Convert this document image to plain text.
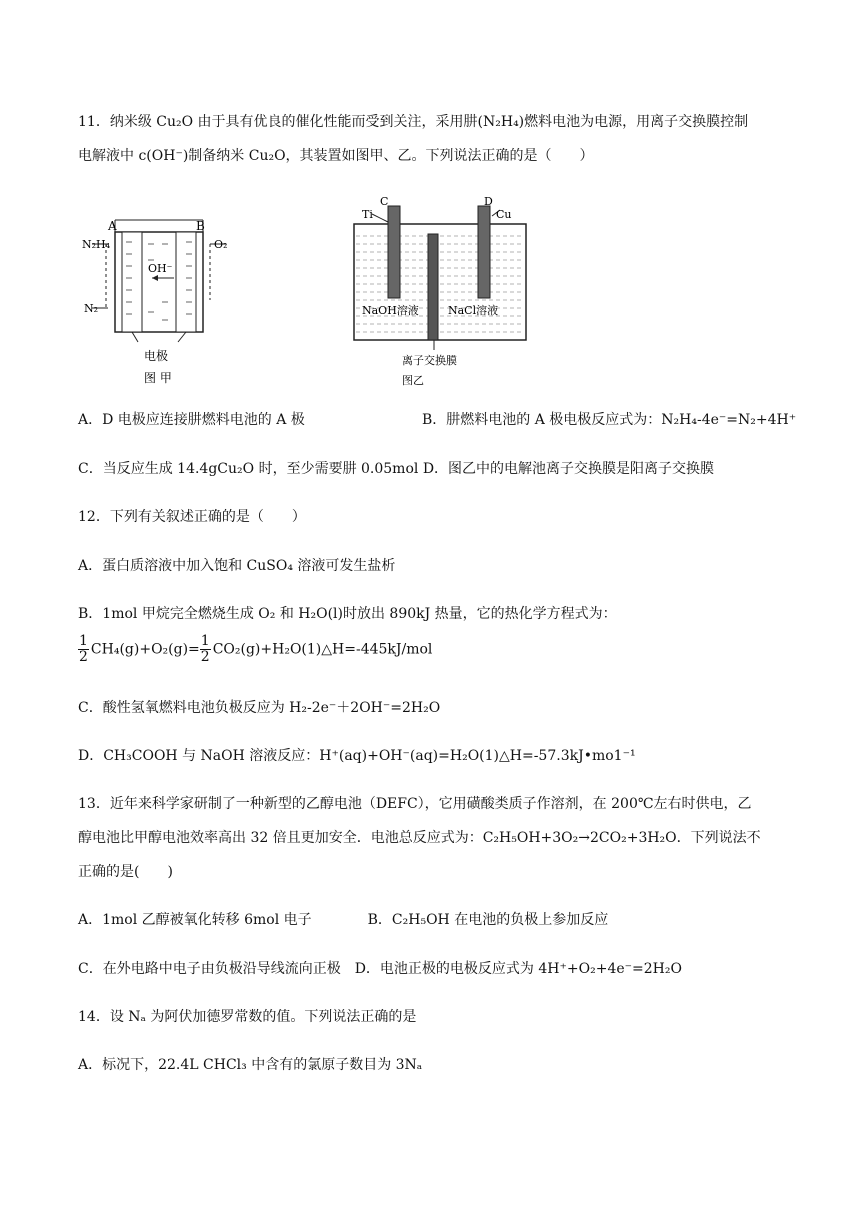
11．纳米级 Cu₂O 由于具有优良的催化性能而受到关注，采用肼(N₂H₄)燃料电池为电源，用离子交换膜控制
电解液中 c(OH⁻)制备纳米 Cu₂O，其装置如图甲、乙。下列说法正确的是（　　）
A	B
N₂H₄	O₂
N₂
OH⁻
电极
图 甲
C	D
Ti	Cu
NaOH溶液	NaCl溶液
离子交换膜
图乙
A．D 电极应连接肼燃料电池的 A 极	B．肼燃料电池的 A 极电极反应式为：N₂H₄-4e⁻=N₂+4H⁺
C．当反应生成 14.4gCu₂O 时，至少需要肼 0.05mol D．图乙中的电解池离子交换膜是阳离子交换膜
12．下列有关叙述正确的是（　　）
A．蛋白质溶液中加入饱和 CuSO₄ 溶液可发生盐析
B．1mol 甲烷完全燃烧生成 O₂ 和 H₂O(l)时放出 890kJ 热量，它的热化学方程式为：
$\frac{1}{2} CH_4(g)+O_2(g)= \frac{1}{2}$ CO₂(g)+H₂O(1)△H=-445kJ/mol
C．酸性氢氧燃料电池负极反应为 H₂-2e⁻＋2OH⁻=2H₂O
D．CH₃COOH 与 NaOH 溶液反应：H⁺(aq)+OH⁻(aq)=H₂O(1)△H=-57.3kJ•mo1⁻¹
13．近年来科学家研制了一种新型的乙醇电池（DEFC），它用磺酸类质子作溶剂，在 200℃左右时供电，乙
醇电池比甲醇电池效率高出 32 倍且更加安全．电池总反应式为：C₂H₅OH+3O₂→2CO₂+3H₂O．下列说法不
正确的是(　　)
A．1mol 乙醇被氧化转移 6mol 电子　　　　B．C₂H₅OH 在电池的负极上参加反应
C．在外电路中电子由负极沿导线流向正极　D．电池正极的电极反应式为 4H⁺+O₂+4e⁻=2H₂O
14．设 Nₐ 为阿伏加德罗常数的值。下列说法正确的是
A．标况下，22.4L CHCl₃ 中含有的氯原子数目为 3Nₐ
